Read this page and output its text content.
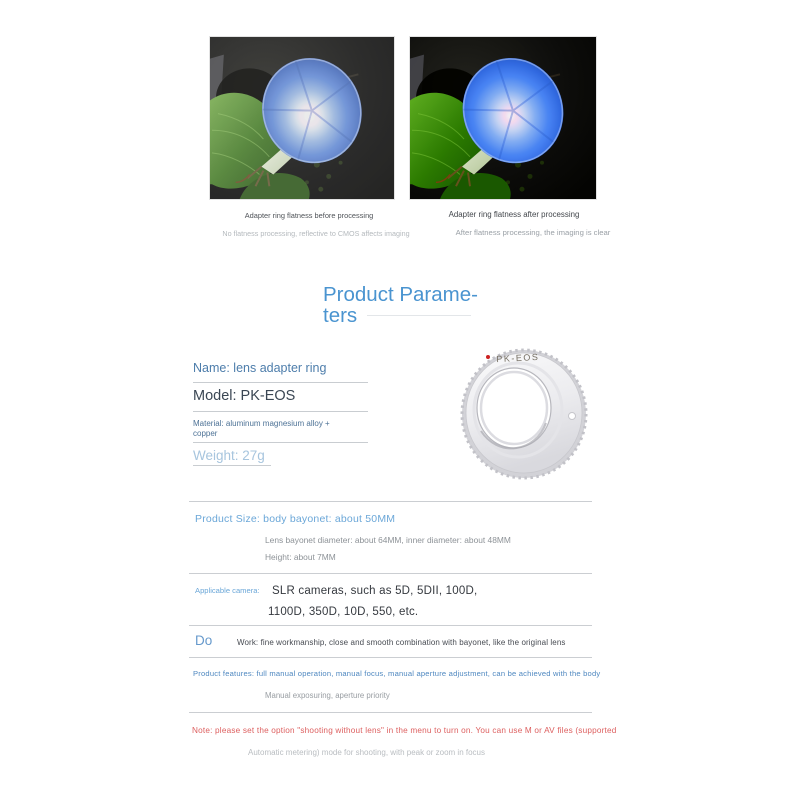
Adapter ring flatness before processing	Adapter ring flatness after processing
No flatness processing, reflective to CMOS affects imaging	After flatness processing, the imaging is clear
Product Parame-
ters
Name: lens adapter ring
Model: PK-EOS
Material: aluminum magnesium alloy + copper
Weight: 27g
PK-EOS
Product Size: body bayonet: about 50MM
Lens bayonet diameter: about 64MM, inner diameter: about 48MM
Height: about 7MM
Applicable camera:	SLR cameras, such as 5D, 5DII, 100D,
1100D, 350D, 10D, 550, etc.
Do	Work: fine workmanship, close and smooth combination with bayonet, like the original lens
Product features: full manual operation, manual focus, manual aperture adjustment, can be achieved with the body
Manual exposuring, aperture priority
Note: please set the option "shooting without lens" in the menu to turn on. You can use M or AV files (supported
Automatic metering) mode for shooting, with peak or zoom in focus
